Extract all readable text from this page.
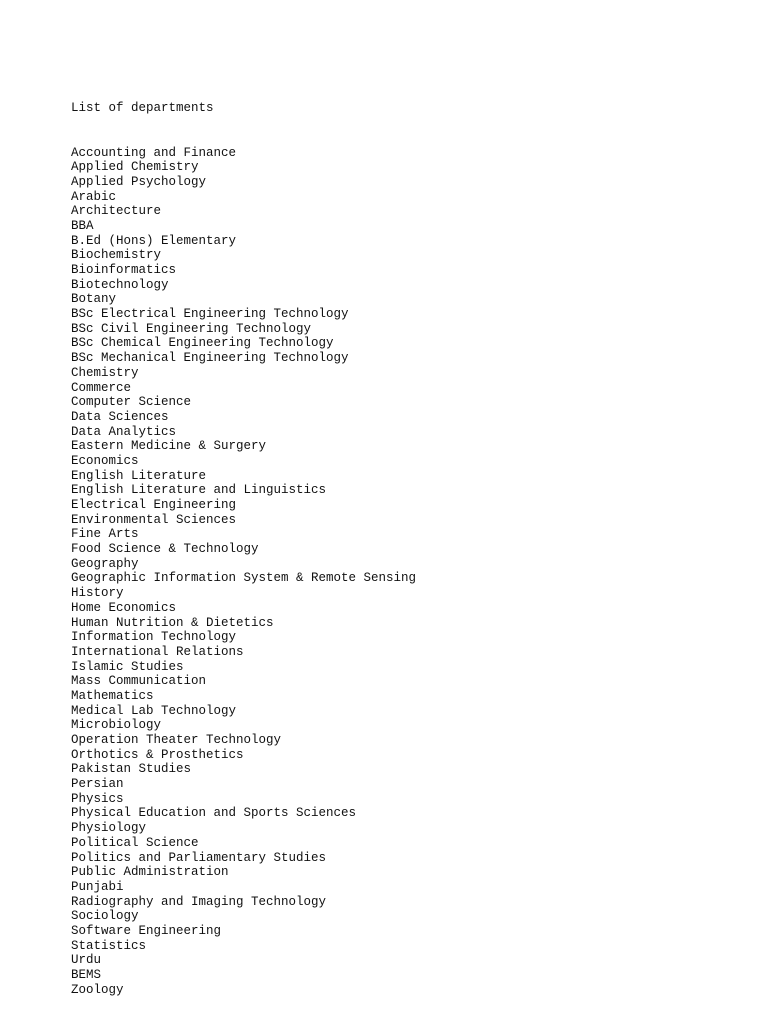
List of departments

Accounting and Finance
Applied Chemistry
Applied Psychology
Arabic
Architecture
BBA
B.Ed (Hons) Elementary
Biochemistry
Bioinformatics
Biotechnology
Botany
BSc Electrical Engineering Technology
BSc Civil Engineering Technology
BSc Chemical Engineering Technology
BSc Mechanical Engineering Technology
Chemistry
Commerce
Computer Science
Data Sciences
Data Analytics
Eastern Medicine & Surgery
Economics
English Literature
English Literature and Linguistics
Electrical Engineering
Environmental Sciences
Fine Arts
Food Science & Technology
Geography
Geographic Information System & Remote Sensing
History
Home Economics
Human Nutrition & Dietetics
Information Technology
International Relations
Islamic Studies
Mass Communication
Mathematics
Medical Lab Technology
Microbiology
Operation Theater Technology
Orthotics & Prosthetics
Pakistan Studies
Persian
Physics
Physical Education and Sports Sciences
Physiology
Political Science
Politics and Parliamentary Studies
Public Administration
Punjabi
Radiography and Imaging Technology
Sociology
Software Engineering
Statistics
Urdu
BEMS
Zoology
